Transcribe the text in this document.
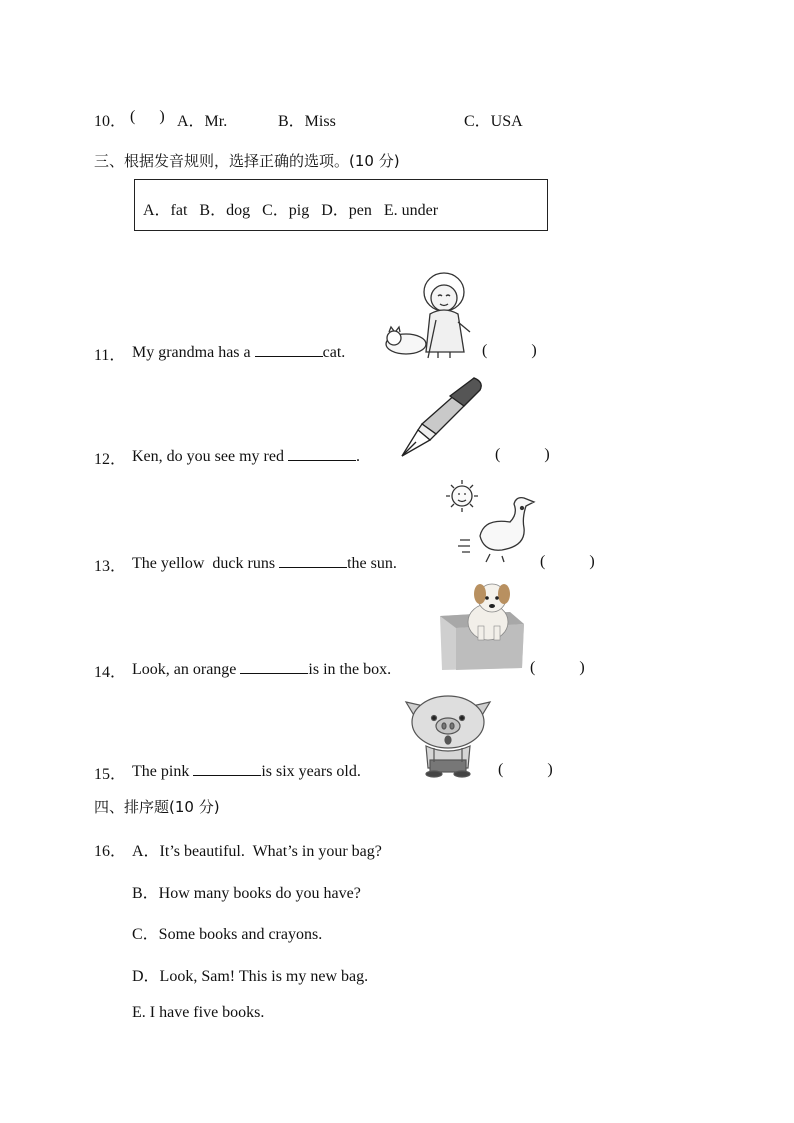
10． (      ) A．Mr.	B．Miss	C．USA
三、根据发音规则，选择正确的选项。(10 分)
A．fat   B．dog   C．pig   D．pen   E. under
11． My grandma has a	cat.	(           )
12． Ken, do you see my red	.	(           )
13． The yellow  duck runs	the sun.	(           )
14． Look, an orange	is in the box.	(           )
15． The pink	is six years old.	(           )
四、排序题(10 分)
16． A．It’s beautiful.  What’s in your bag?
B．How many books do you have?
C．Some books and crayons.
D．Look, Sam! This is my new bag.
E. I have five books.
